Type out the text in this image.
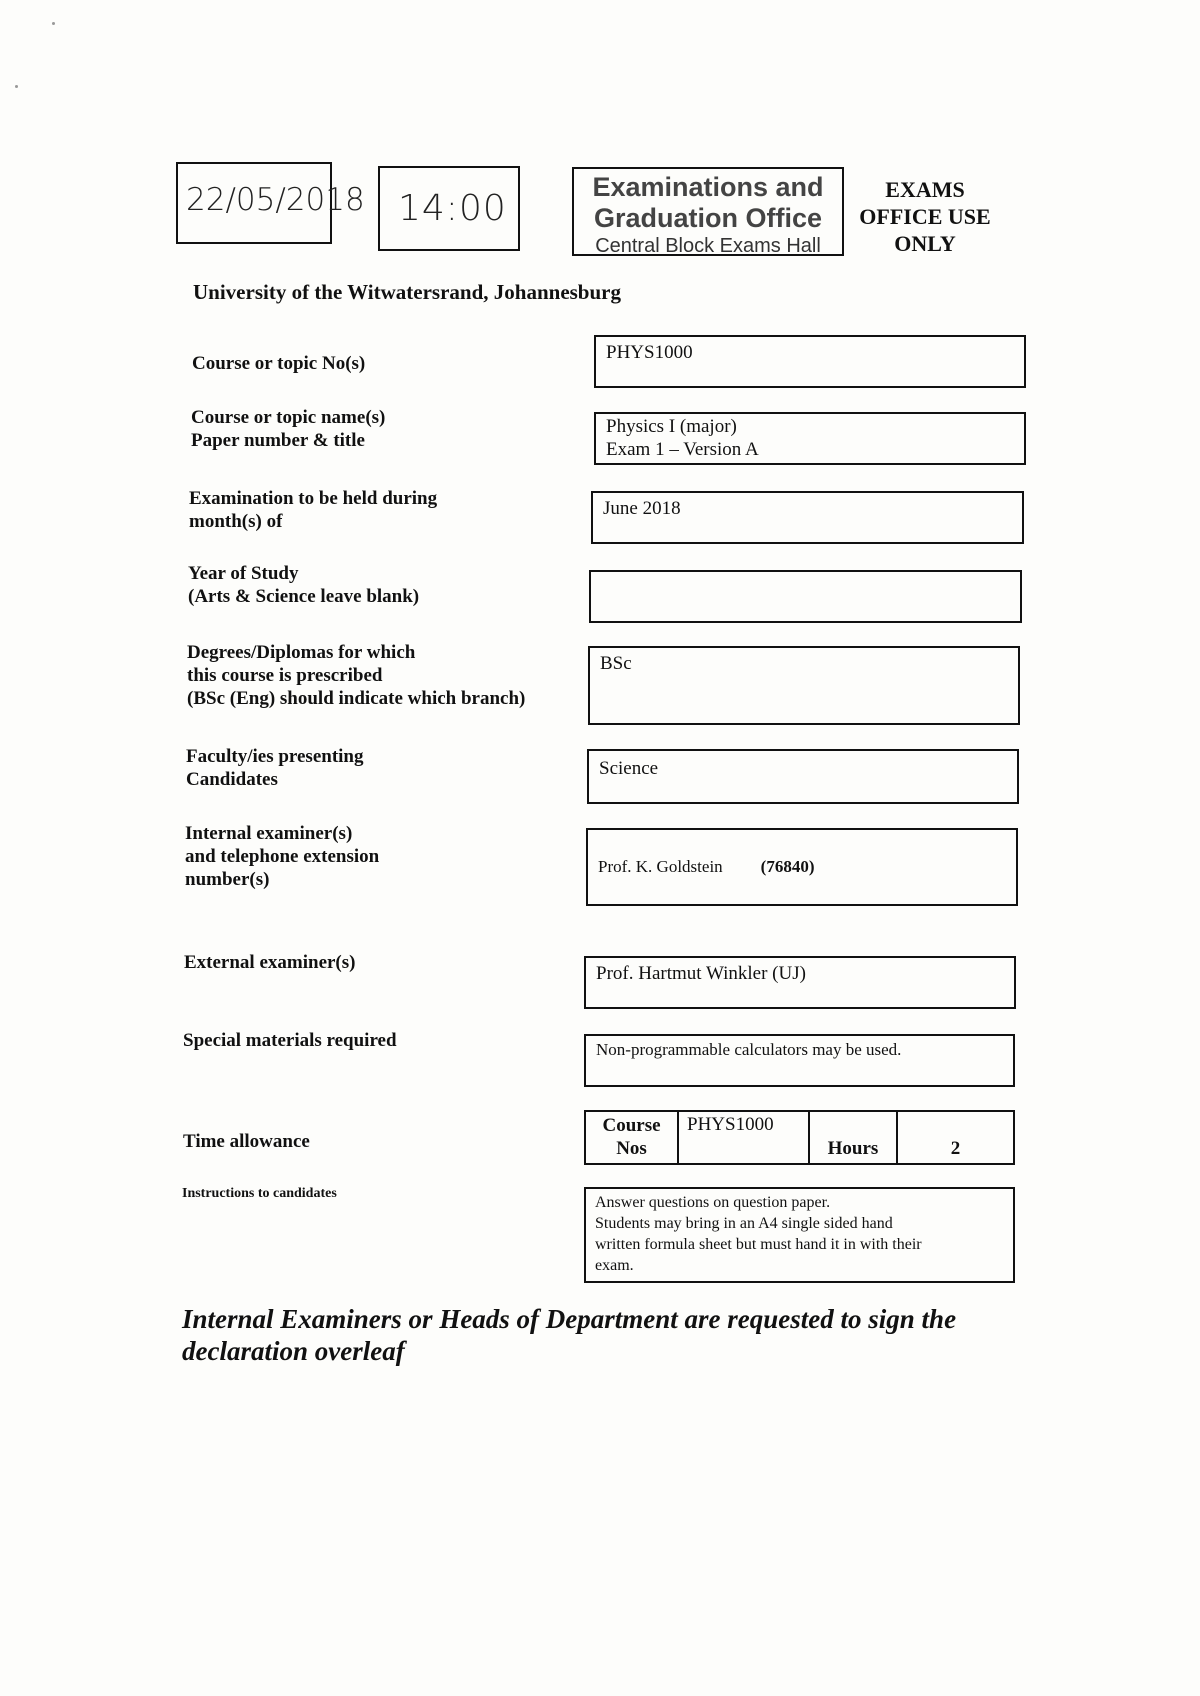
22/05/2018 14:00
Examinations and
Graduation Office
Central Block Exams Hall
EXAMS
OFFICE USE
ONLY
University of the Witwatersrand, Johannesburg
Course or topic No(s)
PHYS1000
Course or topic name(s)
Paper number & title
Physics I (major)
Exam 1 – Version A
Examination to be held during
month(s) of
June 2018
Year of Study
(Arts & Science leave blank)
Degrees/Diplomas for which
this course is prescribed
(BSc (Eng) should indicate which branch)
BSc
Faculty/ies presenting
Candidates
Science
Internal examiner(s)
and telephone extension
number(s)

Prof. K. Goldstein (76840)

External examiner(s)
Prof. Hartmut Winkler (UJ)
Special materials required	Non-programmable calculators may be used.
Time allowance
Course
Nos
PHYS1000
Hours	2
Instructions to candidates
Answer questions on question paper.
Students may bring in an A4 single sided hand
written formula sheet but must hand it in with their
exam.
Internal Examiners or Heads of Department are requested to sign the
declaration overleaf
